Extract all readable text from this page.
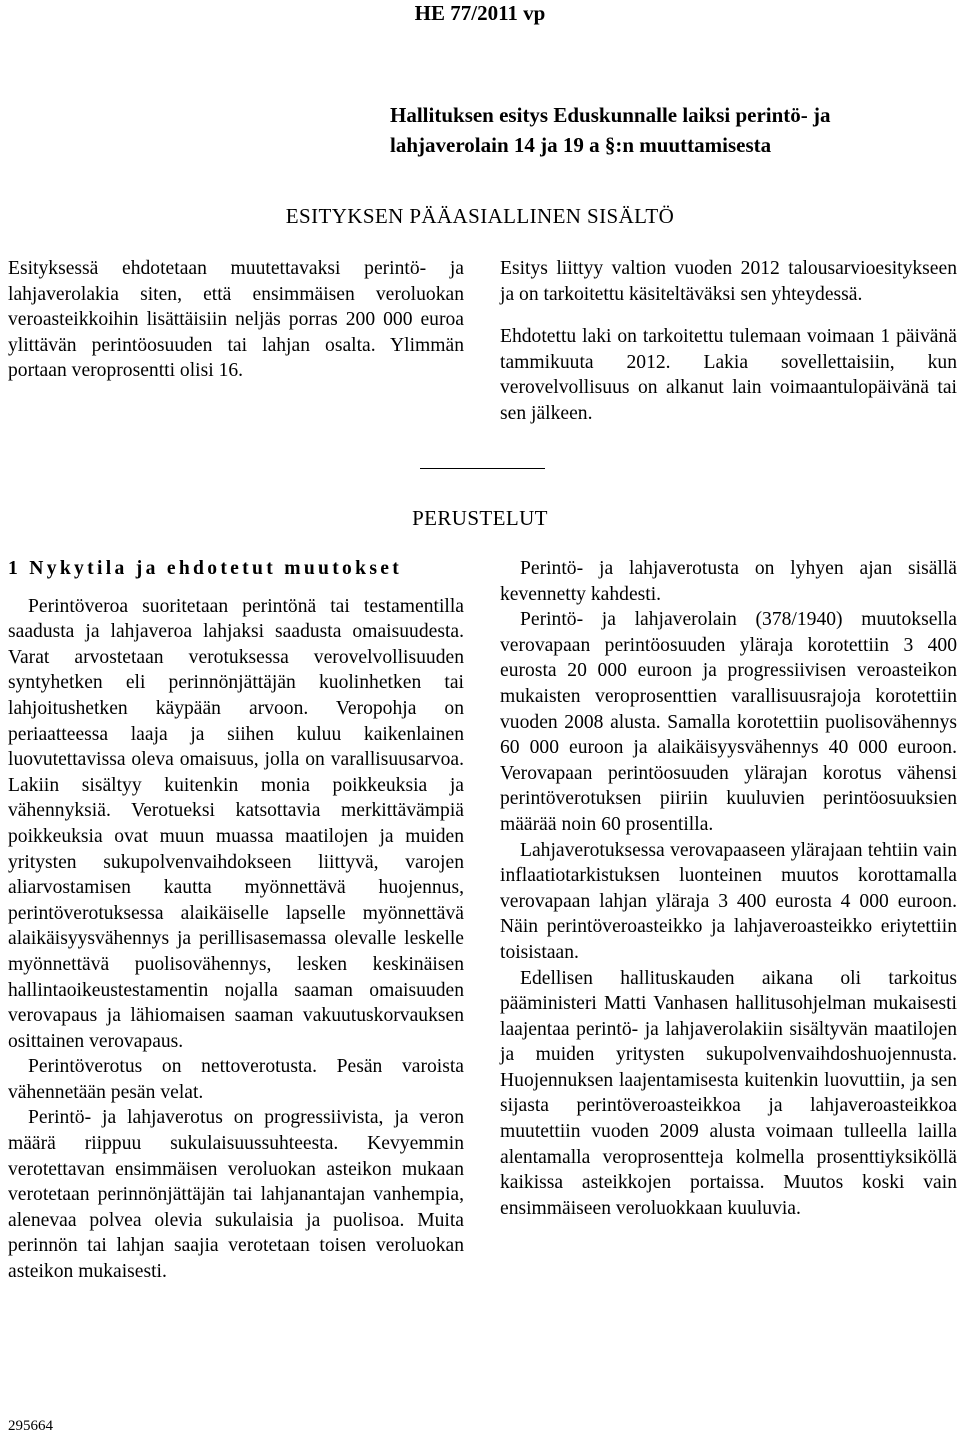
HE 77/2011 vp
Hallituksen esitys Eduskunnalle laiksi perintö- ja lahjaverolain 14 ja 19 a §:n muuttamisesta
ESITYKSEN PÄÄASIALLINEN SISÄLTÖ

Esityksessä ehdotetaan muutettavaksi perintö- ja lahjaverolakia siten, että ensimmäisen veroluokan veroasteikkoihin lisättäisiin neljäs porras 200 000 euroa ylittävän perintöosuuden tai lahjan osalta. Ylimmän portaan veroprosentti olisi 16.

Esitys liittyy valtion vuoden 2012 talousarvioesitykseen ja on tarkoitettu käsiteltäväksi sen yhteydessä.

Ehdotettu laki on tarkoitettu tulemaan voimaan 1 päivänä tammikuuta 2012. Lakia sovellettaisiin, kun verovelvollisuus on alkanut lain voimaantulopäivänä tai sen jälkeen.

PERUSTELUT
1 Nykytila ja ehdotetut muutokset

Perintöveroa suoritetaan perintönä tai testamentilla saadusta ja lahjaveroa lahjaksi saadusta omaisuudesta. Varat arvostetaan verotuksessa verovelvollisuuden syntyhetken eli perinnönjättäjän kuolinhetken tai lahjoitushetken käypään arvoon. Veropohja on periaatteessa laaja ja siihen kuluu kaikenlainen luovutettavissa oleva omaisuus, jolla on varallisuusarvoa. Lakiin sisältyy kuitenkin monia poikkeuksia ja vähennyksiä. Verotueksi katsottavia merkittävämpiä poikkeuksia ovat muun muassa maatilojen ja muiden yritysten sukupolvenvaihdokseen liittyvä, varojen aliarvostamisen kautta myönnettävä huojennus, perintöverotuksessa alaikäiselle lapselle myönnettävä alaikäisyysvähennys ja perillisasemassa olevalle leskelle myönnettävä puolisovähennys, lesken keskinäisen hallintaoikeustestamentin nojalla saaman omaisuuden verovapaus ja lähiomaisen saaman vakuutuskorvauksen osittainen verovapaus.

Perintöverotus on nettoverotusta. Pesän varoista vähennetään pesän velat.

Perintö- ja lahjaverotus on progressiivista, ja veron määrä riippuu sukulaisuussuhteesta. Kevyemmin verotettavan ensimmäisen veroluokan asteikon mukaan verotetaan perinnönjättäjän tai lahjanantajan vanhempia, alenevaa polvea olevia sukulaisia ja puolisoa. Muita perinnön tai lahjan saajia verotetaan toisen veroluokan asteikon mukaisesti.

Perintö- ja lahjaverotusta on lyhyen ajan sisällä kevennetty kahdesti.

Perintö- ja lahjaverolain (378/1940) muutoksella verovapaan perintöosuuden yläraja korotettiin 3 400 eurosta 20 000 euroon ja progressiivisen veroasteikon mukaisten veroprosenttien varallisuusrajoja korotettiin vuoden 2008 alusta. Samalla korotettiin puolisovähennys 60 000 euroon ja alaikäisyysvähennys 40 000 euroon. Verovapaan perintöosuuden ylärajan korotus vähensi perintöverotuksen piiriin kuuluvien perintöosuuksien määrää noin 60 prosentilla.

Lahjaverotuksessa verovapaaseen ylärajaan tehtiin vain inflaatiotarkistuksen luonteinen muutos korottamalla verovapaan lahjan yläraja 3 400 eurosta 4 000 euroon. Näin perintöveroasteikko ja lahjaveroasteikko eriytettiin toisistaan.

Edellisen hallituskauden aikana oli tarkoitus pääministeri Matti Vanhasen hallitusohjelman mukaisesti laajentaa perintö- ja lahjaverolakiin sisältyvän maatilojen ja muiden yritysten sukupolvenvaihdoshuojennusta. Huojennuksen laajentamisesta kuitenkin luovuttiin, ja sen sijasta perintöveroasteikkoa ja lahjaveroasteikkoa muutettiin vuoden 2009 alusta voimaan tulleella lailla alentamalla veroprosentteja kolmella prosenttiyksiköllä kaikissa asteikkojen portaissa. Muutos koski vain ensimmäiseen veroluokkaan kuuluvia.

295664
